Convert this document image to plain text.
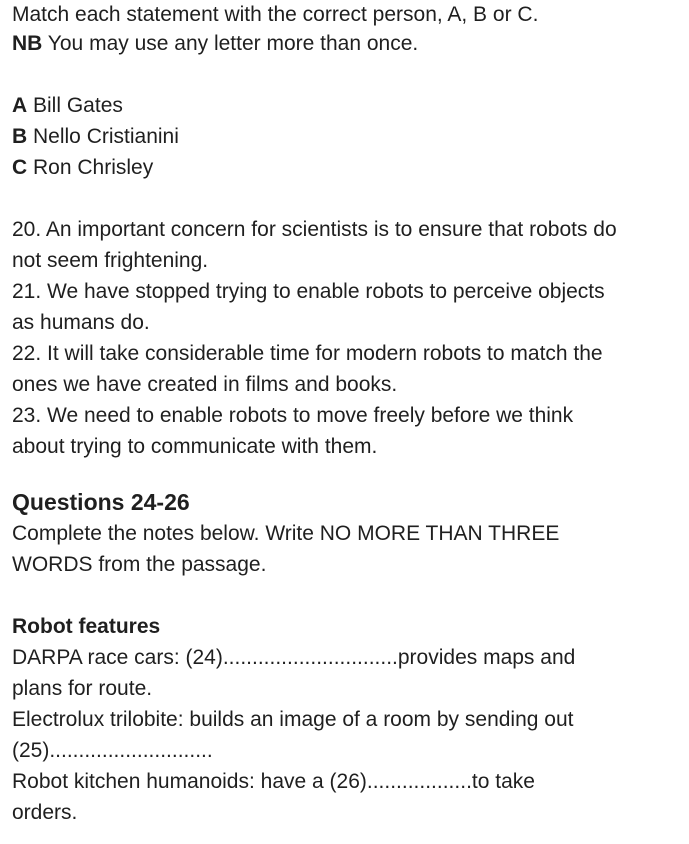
Match each statement with the correct person, A, B or C.

NB You may use any letter more than once.

A Bill Gates

B Nello Cristianini

C Ron Chrisley

20. An important concern for scientists is to ensure that robots do

not seem frightening.

21. We have stopped trying to enable robots to perceive objects

as humans do.

22. It will take considerable time for modern robots to match the

ones we have created in films and books.

23. We need to enable robots to move freely before we think

about trying to communicate with them.

Questions 24-26

Complete the notes below. Write NO MORE THAN THREE

WORDS from the passage.

Robot features

DARPA race cars: (24)..............................provides maps and

plans for route.

Electrolux trilobite: builds an image of a room by sending out

(25)............................

Robot kitchen humanoids: have a (26)..................to take

orders.
